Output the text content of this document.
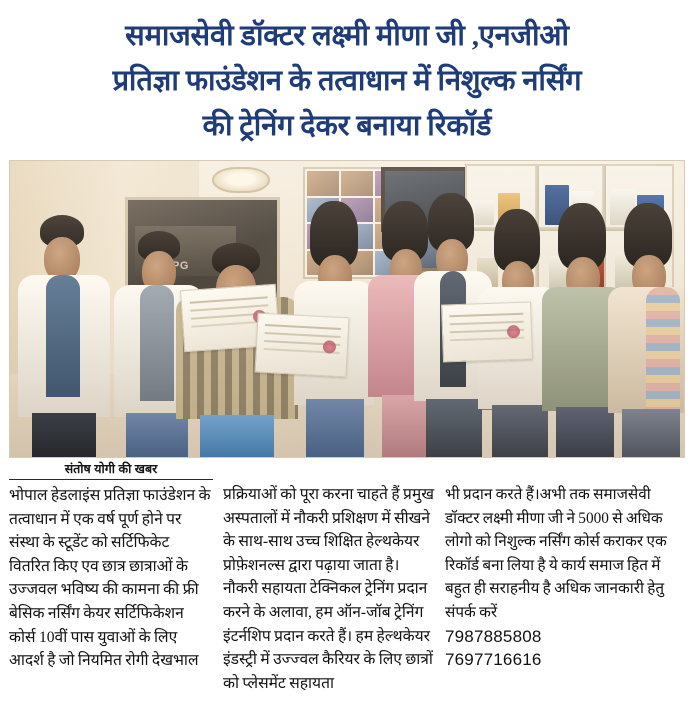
समाजसेवी डॉक्टर लक्ष्मी मीणा जी ,एनजीओ
प्रतिज्ञा फाउंडेशन के तत्वाधान में निशुल्क नर्सिंग
की ट्रेनिंग देकर बनाया रिकॉर्ड
ral-PG
संतोष योगी की खबर
भोपाल हेडलाइंस प्रतिज्ञा फाउंडेशन के तत्वाधान में एक वर्ष पूर्ण होने पर संस्था के स्टूडेंट को सर्टिफिकेट वितरित किए एव छात्र छात्राओं के उज्जवल भविष्य की कामना की फ्री बेसिक नर्सिंग केयर सर्टिफिकेशन कोर्स 10वीं पास युवाओं के लिए आदर्श है जो नियमित रोगी देखभाल
प्रक्रियाओं को पूरा करना चाहते हैं प्रमुख अस्पतालों में नौकरी प्रशिक्षण में सीखने के साथ-साथ उच्च शिक्षित हेल्थकेयर प्रोफ़ेशनल्स द्वारा पढ़ाया जाता है। नौकरी सहायता टेक्निकल ट्रेनिंग प्रदान करने के अलावा, हम ऑन-जॉब ट्रेनिंग इंटर्नशिप प्रदान करते हैं। हम हेल्थकेयर इंडस्ट्री में उज्ज्वल कैरियर के लिए छात्रों को प्लेसमेंट सहायता
भी प्रदान करते हैं।अभी तक समाजसेवी डॉक्टर लक्ष्मी मीणा जी ने 5000 से अधिक लोगो को निशुल्क नर्सिंग कोर्स कराकर एक रिकॉर्ड बना लिया है ये कार्य समाज हित में बहुत ही सराहनीय है अधिक जानकारी हेतु संपर्क करें
7987885808
7697716616
